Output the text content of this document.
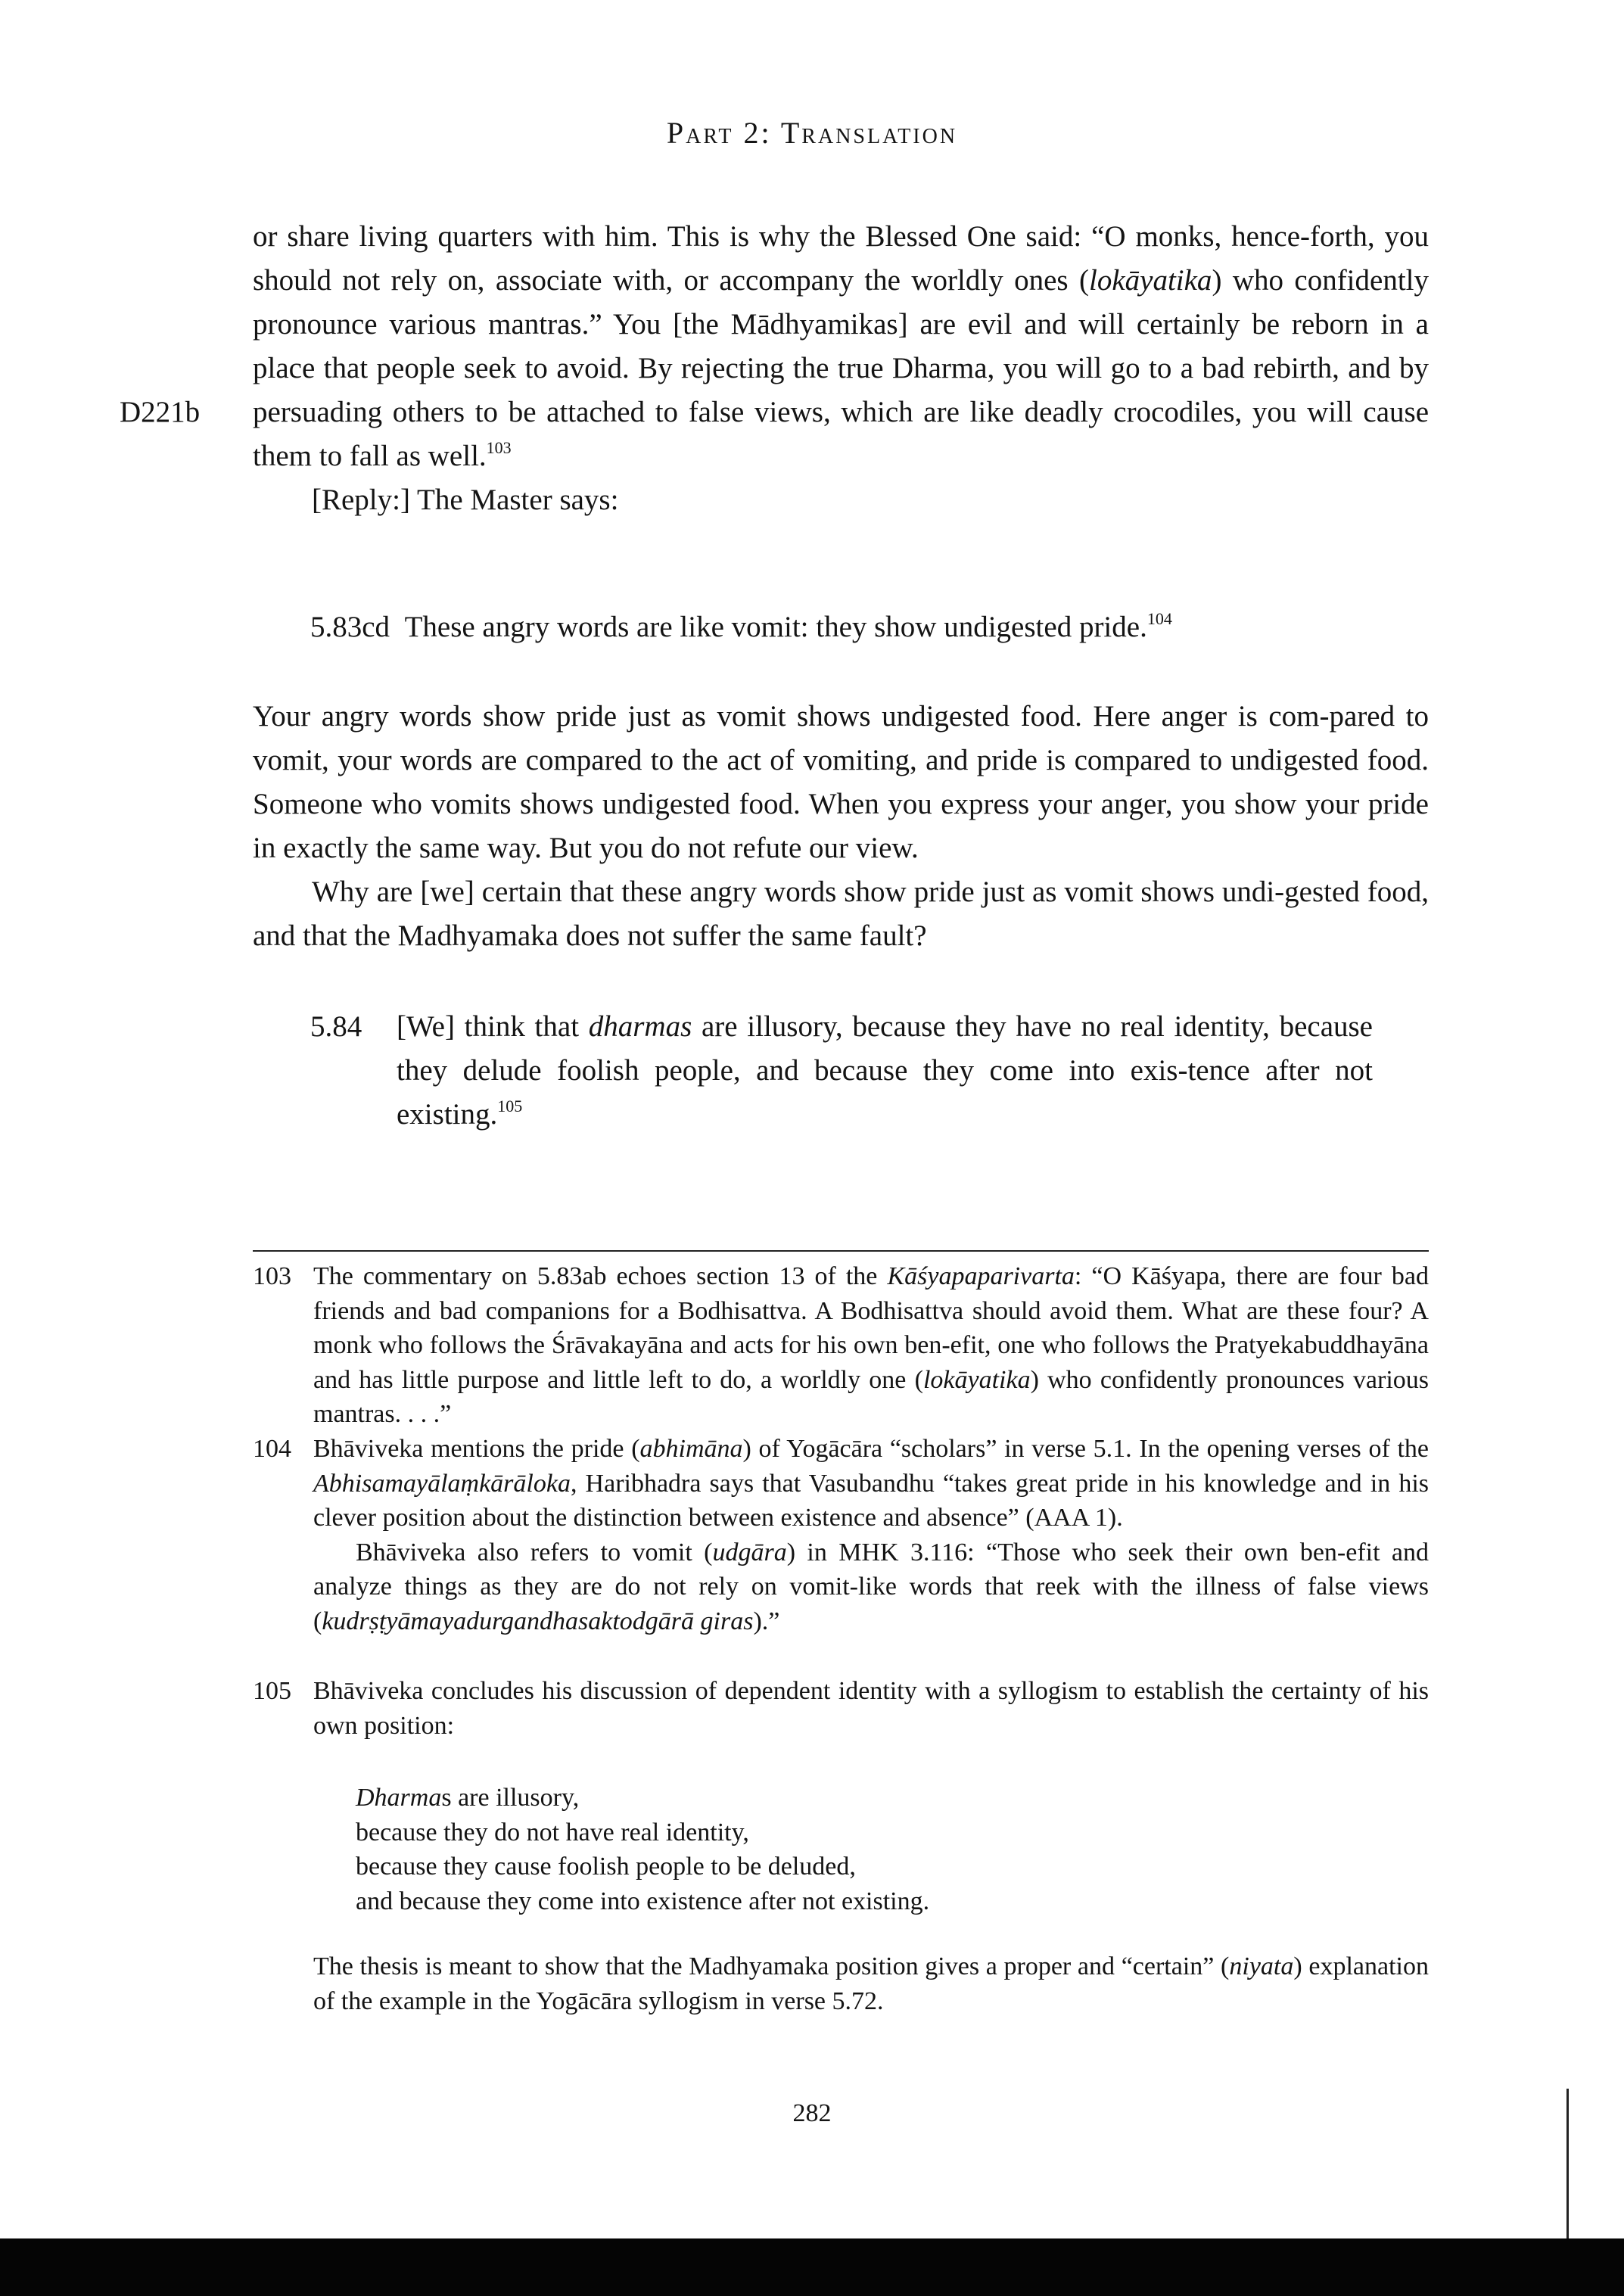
Part 2: Translation
D221b

or share living quarters with him. This is why the Blessed One said: “O monks, hence-forth, you should not rely on, associate with, or accompany the worldly ones (lokāyatika) who confidently pronounce various mantras.” You [the Mādhyamikas] are evil and will certainly be reborn in a place that people seek to avoid. By rejecting the true Dharma, you will go to a bad rebirth, and by persuading others to be attached to false views, which are like deadly crocodiles, you will cause them to fall as well.$^{103}$

[Reply:] The Master says:

5.83cd These angry words are like vomit: they show undigested pride.$^{104}$

Your angry words show pride just as vomit shows undigested food. Here anger is com-pared to vomit, your words are compared to the act of vomiting, and pride is compared to undigested food. Someone who vomits shows undigested food. When you express your anger, you show your pride in exactly the same way. But you do not refute our view.

Why are [we] certain that these angry words show pride just as vomit shows undi-gested food, and that the Madhyamaka does not suffer the same fault?

5.84 [We] think that dharmas are illusory, because they have no real identity, because they delude foolish people, and because they come into exis-tence after not existing.$^{105}$
103 The commentary on 5.83ab echoes section 13 of the Kāśyapaparivarta: “O Kāśyapa, there are four bad friends and bad companions for a Bodhisattva. A Bodhisattva should avoid them. What are these four? A monk who follows the Śrāvakayāna and acts for his own ben-efit, one who follows the Pratyekabuddhayāna and has little purpose and little left to do, a worldly one (lokāyatika) who confidently pronounces various mantras. . . .”

104 Bhāviveka mentions the pride (abhimāna) of Yogācāra “scholars” in verse 5.1. In the opening verses of the Abhisamayālaṃkārāloka, Haribhadra says that Vasubandhu “takes great pride in his knowledge and in his clever position about the distinction between existence and absence” (AAA 1).

Bhāviveka also refers to vomit (udgāra) in MHK 3.116: “Those who seek their own ben-efit and analyze things as they are do not rely on vomit-like words that reek with the illness of false views (kudrṣṭyāmayadurgandhasaktodgārā giras).”

105 Bhāviveka concludes his discussion of dependent identity with a syllogism to establish the certainty of his own position:

Dharmas are illusory,
because they do not have real identity,
because they cause foolish people to be deluded,
and because they come into existence after not existing.

The thesis is meant to show that the Madhyamaka position gives a proper and “certain” (niyata) explanation of the example in the Yogācāra syllogism in verse 5.72.

282
